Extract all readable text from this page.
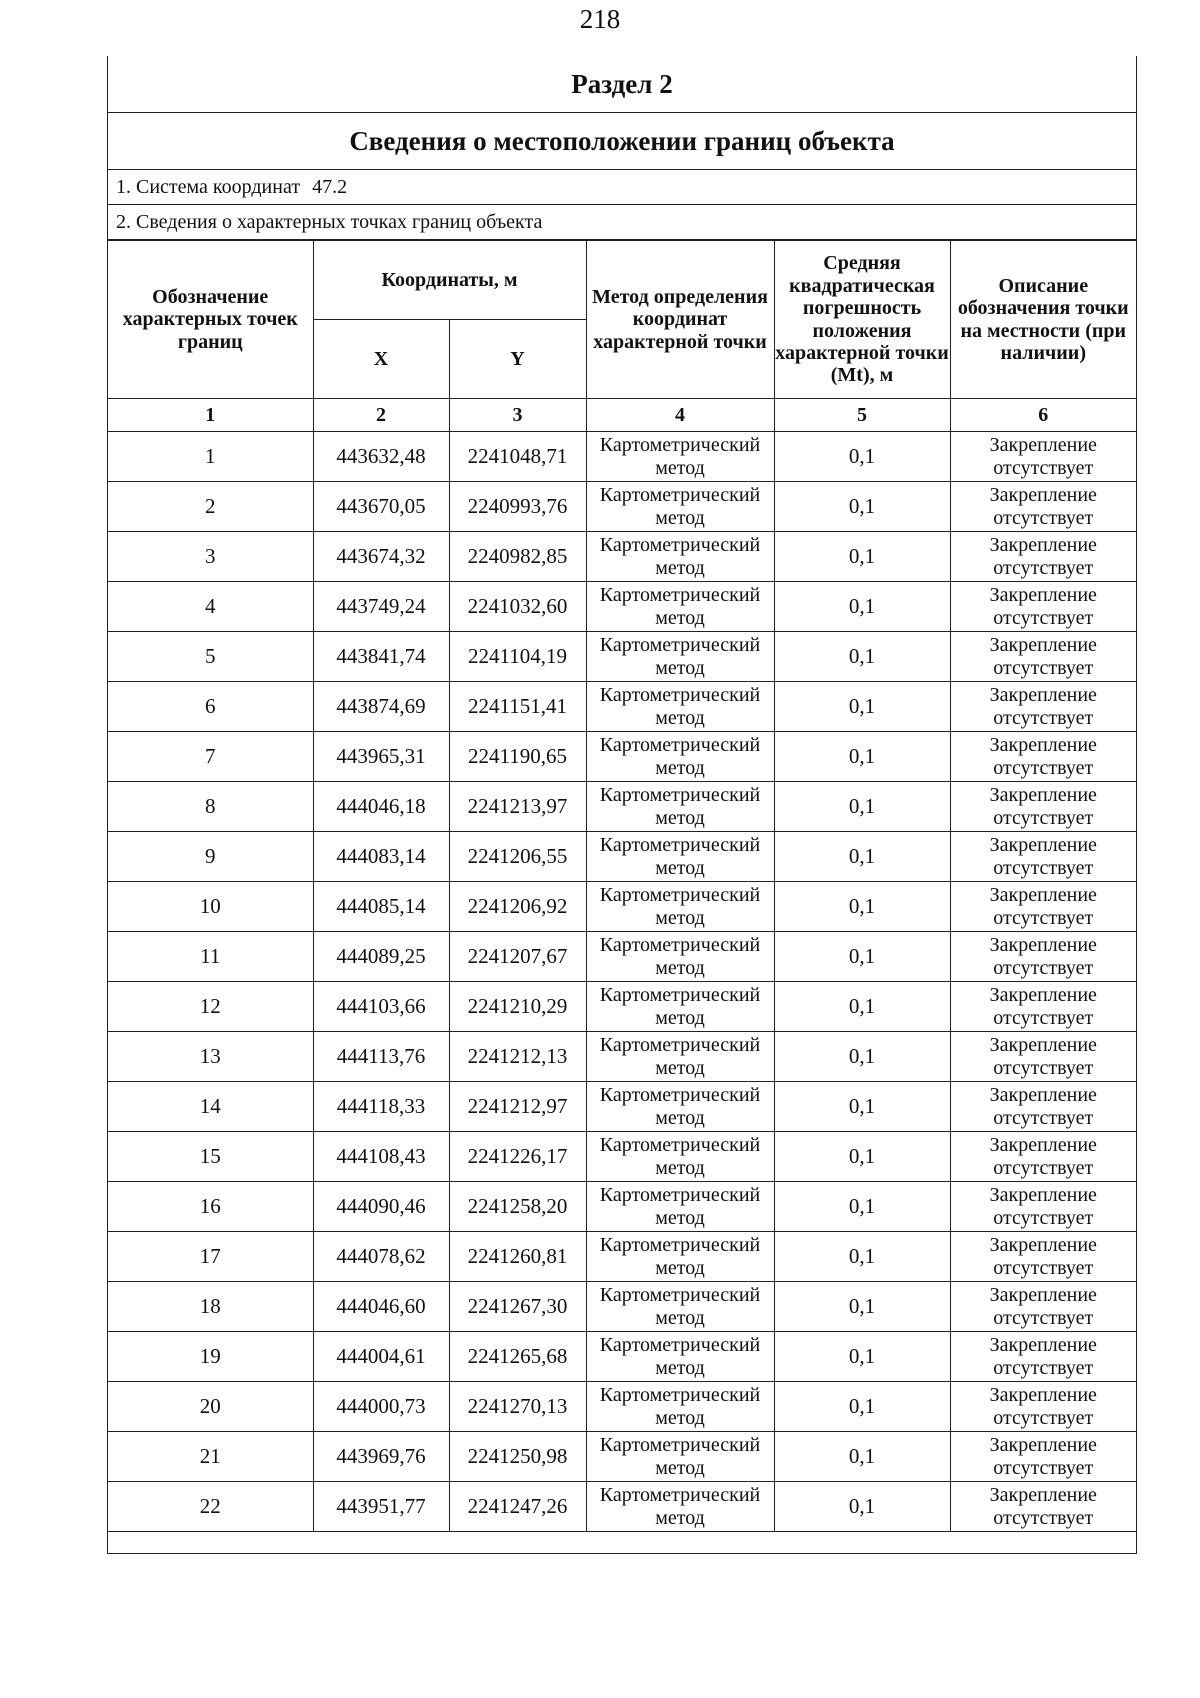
218
Раздел 2
Сведения о местоположении границ объекта
1. Система координат 47.2
2. Сведения о характерных точках границ объекта
Обозначение характерных точек границ	Координаты, м		Метод определения координат характерной точки	Средняя квадратическая погрешность положения характерной точки (Mt), м	Описание обозначения точки на местности (при наличии)
	X	Y			
1	2	3	4	5	6
1	443632,48	2241048,71	Картометрический метод	0,1	Закрепление отсутствует

2	443670,05	2240993,76	Картометрический метод	0,1	Закрепление отсутствует

3	443674,32	2240982,85	Картометрический метод	0,1	Закрепление отсутствует

4	443749,24	2241032,60	Картометрический метод	0,1	Закрепление отсутствует

5	443841,74	2241104,19	Картометрический метод	0,1	Закрепление отсутствует

6	443874,69	2241151,41	Картометрический метод	0,1	Закрепление отсутствует

7	443965,31	2241190,65	Картометрический метод	0,1	Закрепление отсутствует

8	444046,18	2241213,97	Картометрический метод	0,1	Закрепление отсутствует

9	444083,14	2241206,55	Картометрический метод	0,1	Закрепление отсутствует

10	444085,14	2241206,92	Картометрический метод	0,1	Закрепление отсутствует

11	444089,25	2241207,67	Картометрический метод	0,1	Закрепление отсутствует

12	444103,66	2241210,29	Картометрический метод	0,1	Закрепление отсутствует

13	444113,76	2241212,13	Картометрический метод	0,1	Закрепление отсутствует

14	444118,33	2241212,97	Картометрический метод	0,1	Закрепление отсутствует

15	444108,43	2241226,17	Картометрический метод	0,1	Закрепление отсутствует

16	444090,46	2241258,20	Картометрический метод	0,1	Закрепление отсутствует

17	444078,62	2241260,81	Картометрический метод	0,1	Закрепление отсутствует

18	444046,60	2241267,30	Картометрический метод	0,1	Закрепление отсутствует

19	444004,61	2241265,68	Картометрический метод	0,1	Закрепление отсутствует

20	444000,73	2241270,13	Картометрический метод	0,1	Закрепление отсутствует

21	443969,76	2241250,98	Картометрический метод	0,1	Закрепление отсутствует

22	443951,77	2241247,26	Картометрический метод	0,1	Закрепление отсутствует
